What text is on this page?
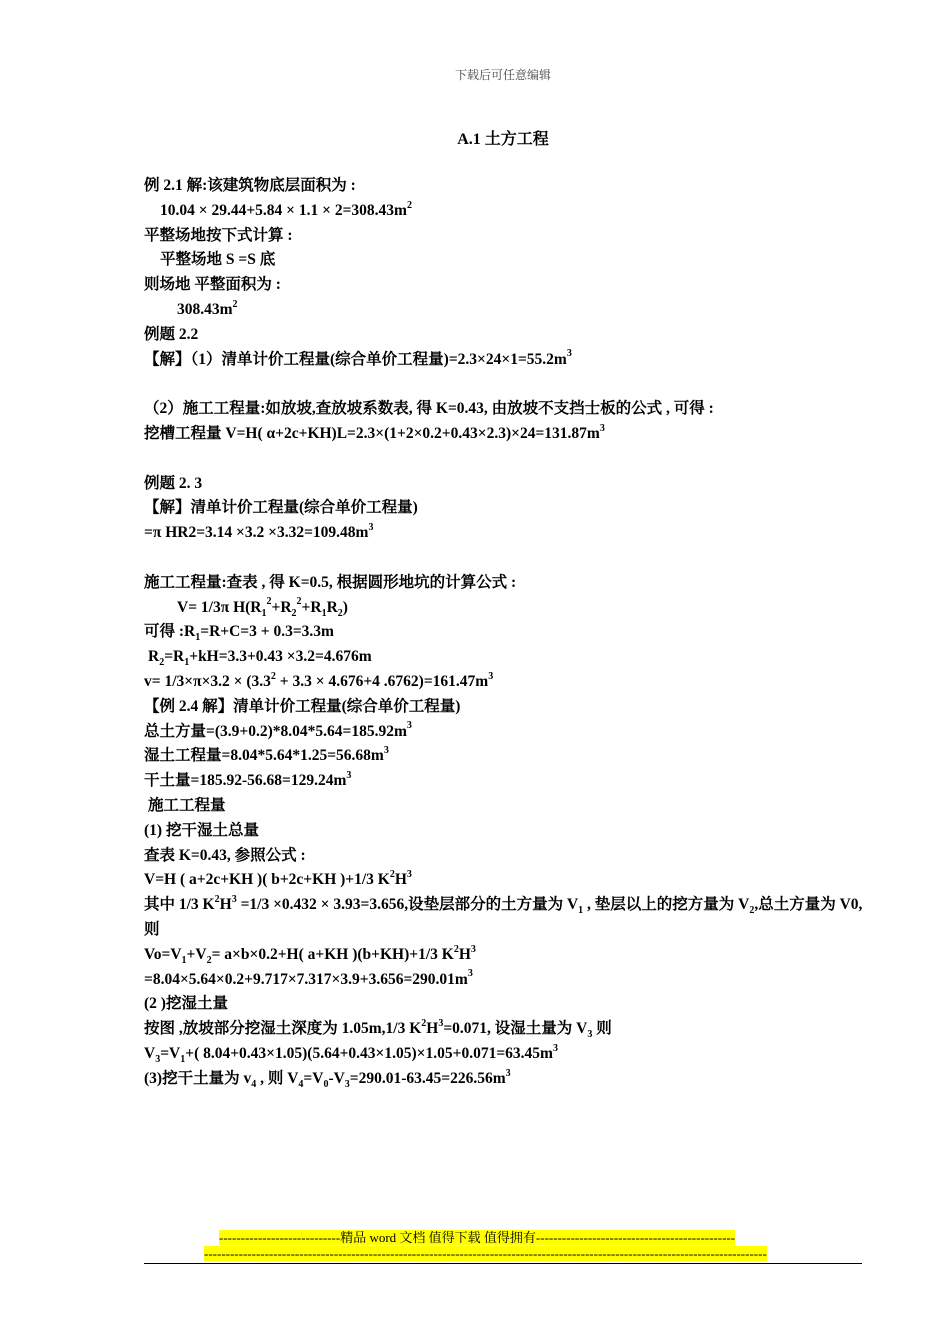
下载后可任意编辑
A.1 土方工程
例 2.1 解:该建筑物底层面积为 :
$10.04 \times 29.44+5.84 \times 1.1 \times 2=308.43m^2$
平整场地按下式计算 :
平整场地 S =S 底
则场地 平整面积为 :
$308.43m^2$
例题 2.2
【解】（1）清单计价工程量(综合单价工程量)$=2.3\times 24\times 1=55.2m^3$
（2）施工工程量:如放坡,查放坡系数表, 得 K=0.43, 由放坡不支挡士板的公式 , 可得 :
挖槽工程量 V=H( $\alpha+2c+KH)L=2.3\times(1+2\times 0.2+0.43\times 2.3)\times 24=131.87m^3$
例题 2. 3
【解】清单计价工程量(综合单价工程量)
=π $HR2=3.14 \times 3.2 \times 3.32=109.48m^3$
施工工程量:查表 , 得 K=0.5, 根据圆形地坑的计算公式 :
V= 1/3π $H(R_1^2+R_2^2+R_1R_2)$
可得 $:R_1=R+C=3 + 0.3=3.3m$
$R_2=R_1+kH=3.3+0.43 \times 3.2=4.676m$
$v= 1/3\times\pi\times 3.2 \times (3.3^2 + 3.3 \times 4.676+4$ $.6762)=161.47m^3$
【例 2.4 解】清单计价工程量(综合单价工程量)
总土方量$=(3.9+0.2)*8.04*5.64=185.92m^3$
湿土工程量$=8.04*5.64*1.25=56.68m^3$
干土量$=185.92-56.68=129.24m^3$
施工工程量
(1) 挖干湿土总量
查表 K=0.43, 参照公式 :
V=H ( a+2c+KH )( b+2c+KH )+1/3 $K^2H^3$
其中 1/3 $K^2H^3 =1/3 \times 0.432 \times 3.93=3.656$,设垫层部分的土方量为 $V_1$ , 垫层以上的挖方量为 $V_2$,总土方量为 V0,则
$Vo=V_1+V_2= a\times b\times 0.2+H$( a+KH )(b+KH)+1/3 $K^2H^3$
$=8.04\times 5.64\times 0.2+9.717\times 7.317\times 3.9+3.656=290.01m^3$
(2 )挖湿土量
按图 ,放坡部分挖湿土深度为 1.05m,1/3 $K^2H^3=0.071$, 设湿土量为 $V_3$ 则
$V_3=V_1+$( $8.04+0.43\times 1.05)(5.64+0.43\times 1.05)\times 1.05+0.071=63.45m^3$
(3)挖干土量为 $v_4$ , 则 $V_4=V_0-V_3=290.01-63.45=226.56m^3$
----------------------------精品 word 文档 值得下载 值得拥有----------------------------------------------
----------------------------------------------------------------------------------------------------------------------------------
